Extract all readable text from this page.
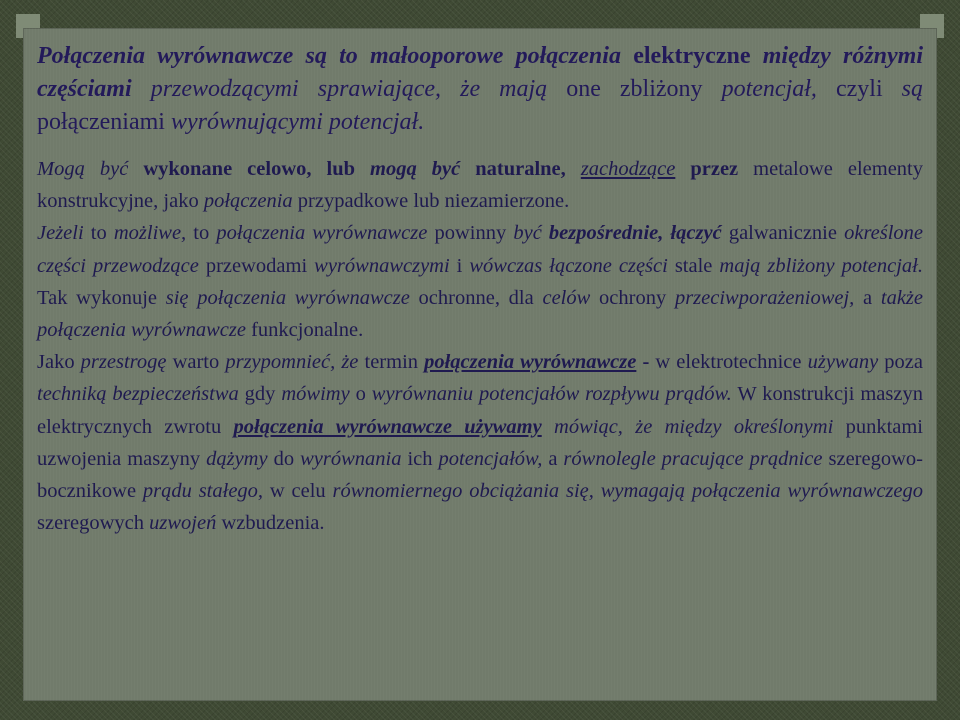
Połączenia wyrównawcze są to małooporowe połączenia elektryczne między różnymi częściami przewodzącymi sprawiające, że mają one zbliżony potencjał, czyli są połączeniami wyrównującymi potencjał.

Mogą być wykonane celowo, lub mogą być naturalne, zachodzące przez metalowe elementy konstrukcyjne, jako połączenia przypadkowe lub niezamierzone.
Jeżeli to możliwe, to połączenia wyrównawcze powinny być bezpośrednie, łączyć galwanicznie określone części przewodzące przewodami wyrównawczymi i wówczas łączone części stale mają zbliżony potencjał. Tak wykonuje się połączenia wyrównawcze ochronne, dla celów ochrony przeciwporażeniowej, a także połączenia wyrównawcze funkcjonalne.
Jako przestrogę warto przypomnieć, że termin połączenia wyrównawcze - w elektrotechnice używany poza techniką bezpieczeństwa gdy mówimy o wyrównaniu potencjałów rozpływu prądów. W konstrukcji maszyn elektrycznych zwrotu połączenia wyrównawcze używamy mówiąc, że między określonymi punktami uzwojenia maszyny dążymy do wyrównania ich potencjałów, a równolegle pracujące prądnice szeregowo-bocznikowe prądu stałego, w celu równomiernego obciążania się, wymagają połączenia wyrównawczego szeregowych uzwojeń wzbudzenia.
